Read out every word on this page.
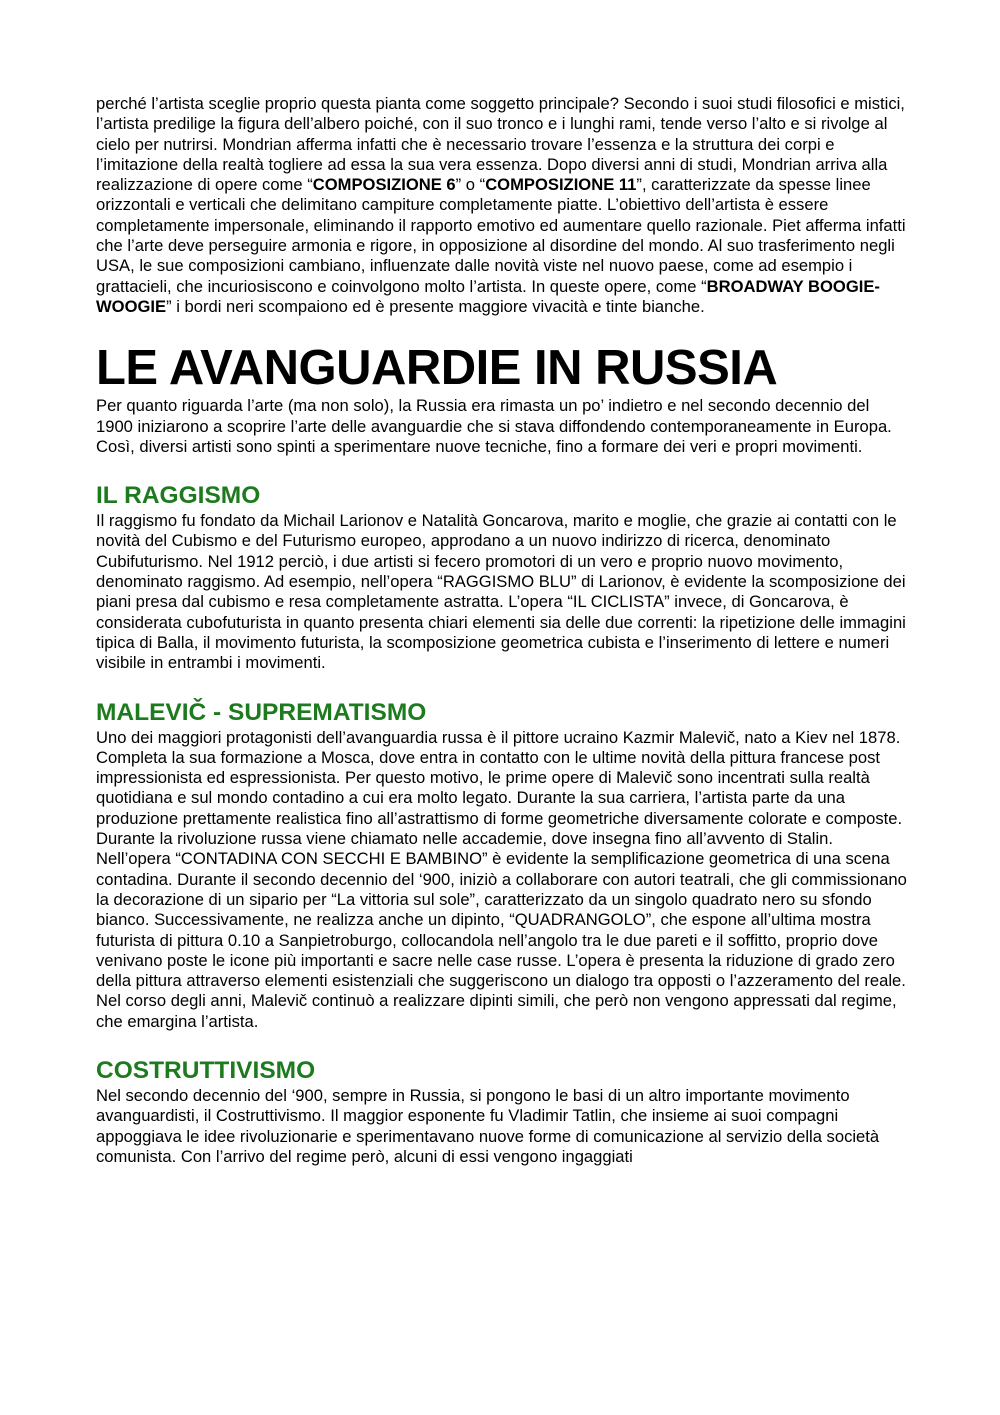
perché l’artista sceglie proprio questa pianta come soggetto principale? Secondo i suoi studi filosofici e mistici, l’artista predilige la figura dell’albero poiché, con il suo tronco e i lunghi rami, tende verso l’alto e si rivolge al cielo per nutrirsi. Mondrian afferma infatti che è necessario trovare l’essenza e la struttura dei corpi e l’imitazione della realtà togliere ad essa la sua vera essenza. Dopo diversi anni di studi, Mondrian arriva alla realizzazione di opere come “COMPOSIZIONE 6” o “COMPOSIZIONE 11”, caratterizzate da spesse linee orizzontali e verticali che delimitano campiture completamente piatte. L’obiettivo dell’artista è essere completamente impersonale, eliminando il rapporto emotivo ed aumentare quello razionale. Piet afferma infatti che l’arte deve perseguire armonia e rigore, in opposizione al disordine del mondo. Al suo trasferimento negli USA, le sue composizioni cambiano, influenzate dalle novità viste nel nuovo paese, come ad esempio i grattacieli, che incuriosiscono e coinvolgono molto l’artista. In queste opere, come “BROADWAY BOOGIE-WOOGIE” i bordi neri scompaiono ed è presente maggiore vivacità e tinte bianche.

LE AVANGUARDIE IN RUSSIA

Per quanto riguarda l’arte (ma non solo), la Russia era rimasta un po’ indietro e nel secondo decennio del 1900 iniziarono a scoprire l’arte delle avanguardie che si stava diffondendo contemporaneamente in Europa. Così, diversi artisti sono spinti a sperimentare nuove tecniche, fino a formare dei veri e propri movimenti.

IL RAGGISMO

Il raggismo fu fondato da Michail Larionov e Natalità Goncarova, marito e moglie, che grazie ai contatti con le novità del Cubismo e del Futurismo europeo, approdano a un nuovo indirizzo di ricerca, denominato Cubifuturismo. Nel 1912 perciò, i due artisti si fecero promotori di un vero e proprio nuovo movimento, denominato raggismo. Ad esempio, nell’opera “RAGGISMO BLU” di Larionov, è evidente la scomposizione dei piani presa dal cubismo e resa completamente astratta. L’opera “IL CICLISTA” invece, di Goncarova, è considerata cubofuturista in quanto presenta chiari elementi sia delle due correnti: la ripetizione delle immagini tipica di Balla, il movimento futurista, la scomposizione geometrica cubista e l’inserimento di lettere e numeri visibile in entrambi i movimenti.

MALEVIČ - SUPREMATISMO

Uno dei maggiori protagonisti dell’avanguardia russa è il pittore ucraino Kazmir Malevič, nato a Kiev nel 1878. Completa la sua formazione a Mosca, dove entra in contatto con le ultime novità della pittura francese post impressionista ed espressionista. Per questo motivo, le prime opere di Malevič sono incentrati sulla realtà quotidiana e sul mondo contadino a cui era molto legato. Durante la sua carriera, l’artista parte da una produzione prettamente realistica fino all’astrattismo di forme geometriche diversamente colorate e composte. Durante la rivoluzione russa viene chiamato nelle accademie, dove insegna fino all’avvento di Stalin. Nell’opera “CONTADINA CON SECCHI E BAMBINO” è evidente la semplificazione geometrica di una scena contadina. Durante il secondo decennio del ‘900, iniziò a collaborare con autori teatrali, che gli commissionano la decorazione di un sipario per “La vittoria sul sole”, caratterizzato da un singolo quadrato nero su sfondo bianco. Successivamente, ne realizza anche un dipinto, “QUADRANGOLO”, che espone all’ultima mostra futurista di pittura 0.10 a Sanpietroburgo, collocandola nell’angolo tra le due pareti e il soffitto, proprio dove venivano poste le icone più importanti e sacre nelle case russe. L’opera è presenta la riduzione di grado zero della pittura attraverso elementi esistenziali che suggeriscono un dialogo tra opposti o l’azzeramento del reale. Nel corso degli anni, Malevič continuò a realizzare dipinti simili, che però non vengono appressati dal regime, che emargina l’artista.

COSTRUTTIVISMO

Nel secondo decennio del ‘900, sempre in Russia, si pongono le basi di un altro importante movimento avanguardisti, il Costruttivismo. Il maggior esponente fu Vladimir Tatlin, che insieme ai suoi compagni appoggiava le idee rivoluzionarie e sperimentavano nuove forme di comunicazione al servizio della società comunista. Con l’arrivo del regime però, alcuni di essi vengono ingaggiati
